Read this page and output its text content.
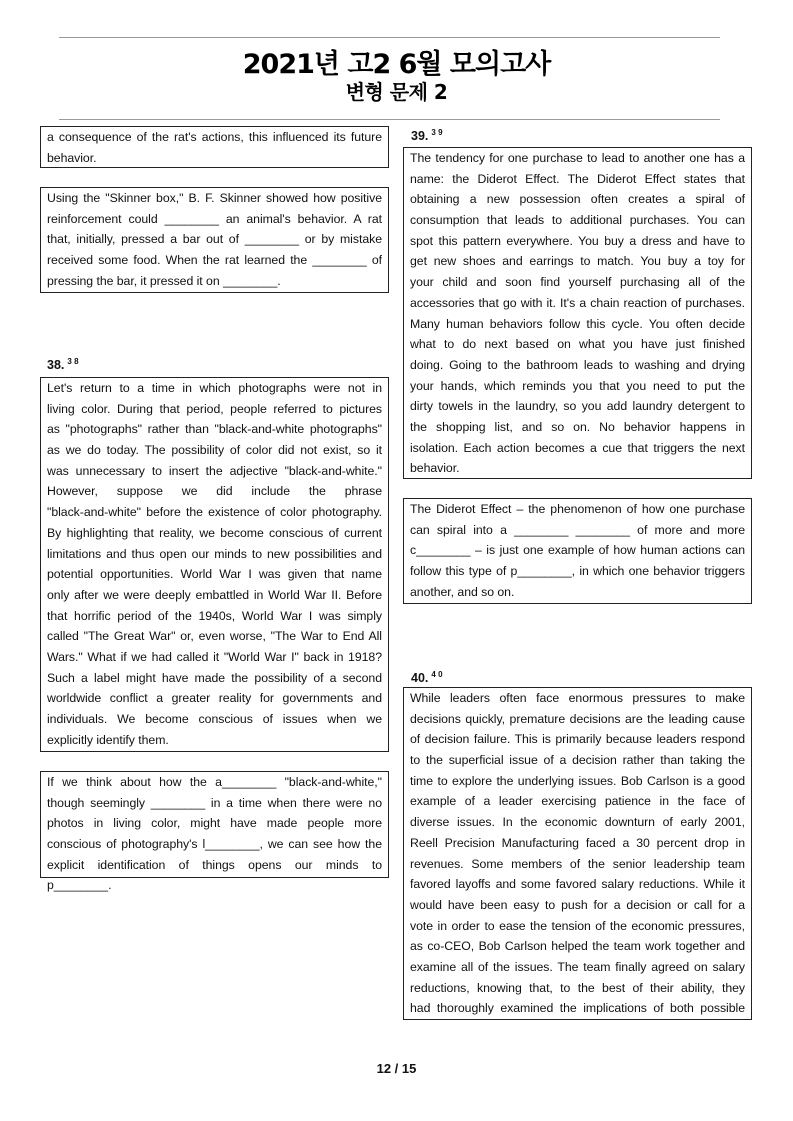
2021년 고2 6월 모의고사
변형 문제 2
a consequence of the rat's actions, this influenced its future
behavior.
Using the "Skinner box," B. F. Skinner showed how positive
reinforcement could ________ an animal's behavior. A rat
that, initially, pressed a bar out of ________ or by mistake
received some food. When the rat learned the ________ of
pressing the bar, it pressed it on ________.
38. $^{3 8}$
Let's return to a time in which photographs were not in
living color. During that period, people referred to pictures
as "photographs" rather than "black-and-white photographs"
as we do today. The possibility of color did not exist, so it
was unnecessary to insert the adjective "black-and-white."
However, suppose we did include the phrase
"black-and-white" before the existence of color photography.
By highlighting that reality, we become conscious of current
limitations and thus open our minds to new possibilities and
potential opportunities. World War I was given that name
only after we were deeply embattled in World War II. Before
that horrific period of the 1940s, World War I was simply
called "The Great War" or, even worse, "The War to End All
Wars." What if we had called it "World War I" back in 1918?
Such a label might have made the possibility of a second
worldwide conflict a greater reality for governments and
individuals. We become conscious of issues when we
explicitly identify them.
If we think about how the a________ "black-and-white,"
though seemingly ________ in a time when there were no
photos in living color, might have made people more
conscious of photography's l________, we can see how the
explicit identification of things opens our minds to
p________.
39. $^{3 9}$
The tendency for one purchase to lead to another one has a
name: the Diderot Effect. The Diderot Effect states that
obtaining a new possession often creates a spiral of
consumption that leads to additional purchases. You can
spot this pattern everywhere. You buy a dress and have to
get new shoes and earrings to match. You buy a toy for
your child and soon find yourself purchasing all of the
accessories that go with it. It's a chain reaction of purchases.
Many human behaviors follow this cycle. You often decide
what to do next based on what you have just finished
doing. Going to the bathroom leads to washing and drying
your hands, which reminds you that you need to put the
dirty towels in the laundry, so you add laundry detergent to
the shopping list, and so on. No behavior happens in
isolation. Each action becomes a cue that triggers the next
behavior.
The Diderot Effect – the phenomenon of how one purchase
can spiral into a ________ ________ of more and more
c________ – is just one example of how human actions can
follow this type of p________, in which one behavior triggers
another, and so on.
40. $^{4 0}$
While leaders often face enormous pressures to make
decisions quickly, premature decisions are the leading cause
of decision failure. This is primarily because leaders respond
to the superficial issue of a decision rather than taking the
time to explore the underlying issues. Bob Carlson is a good
example of a leader exercising patience in the face of
diverse issues. In the economic downturn of early 2001,
Reell Precision Manufacturing faced a 30 percent drop in
revenues. Some members of the senior leadership team
favored layoffs and some favored salary reductions. While it
would have been easy to push for a decision or call for a
vote in order to ease the tension of the economic pressures,
as co-CEO, Bob Carlson helped the team work together and
examine all of the issues. The team finally agreed on salary
reductions, knowing that, to the best of their ability, they
had thoroughly examined the implications of both possible
12 / 15
